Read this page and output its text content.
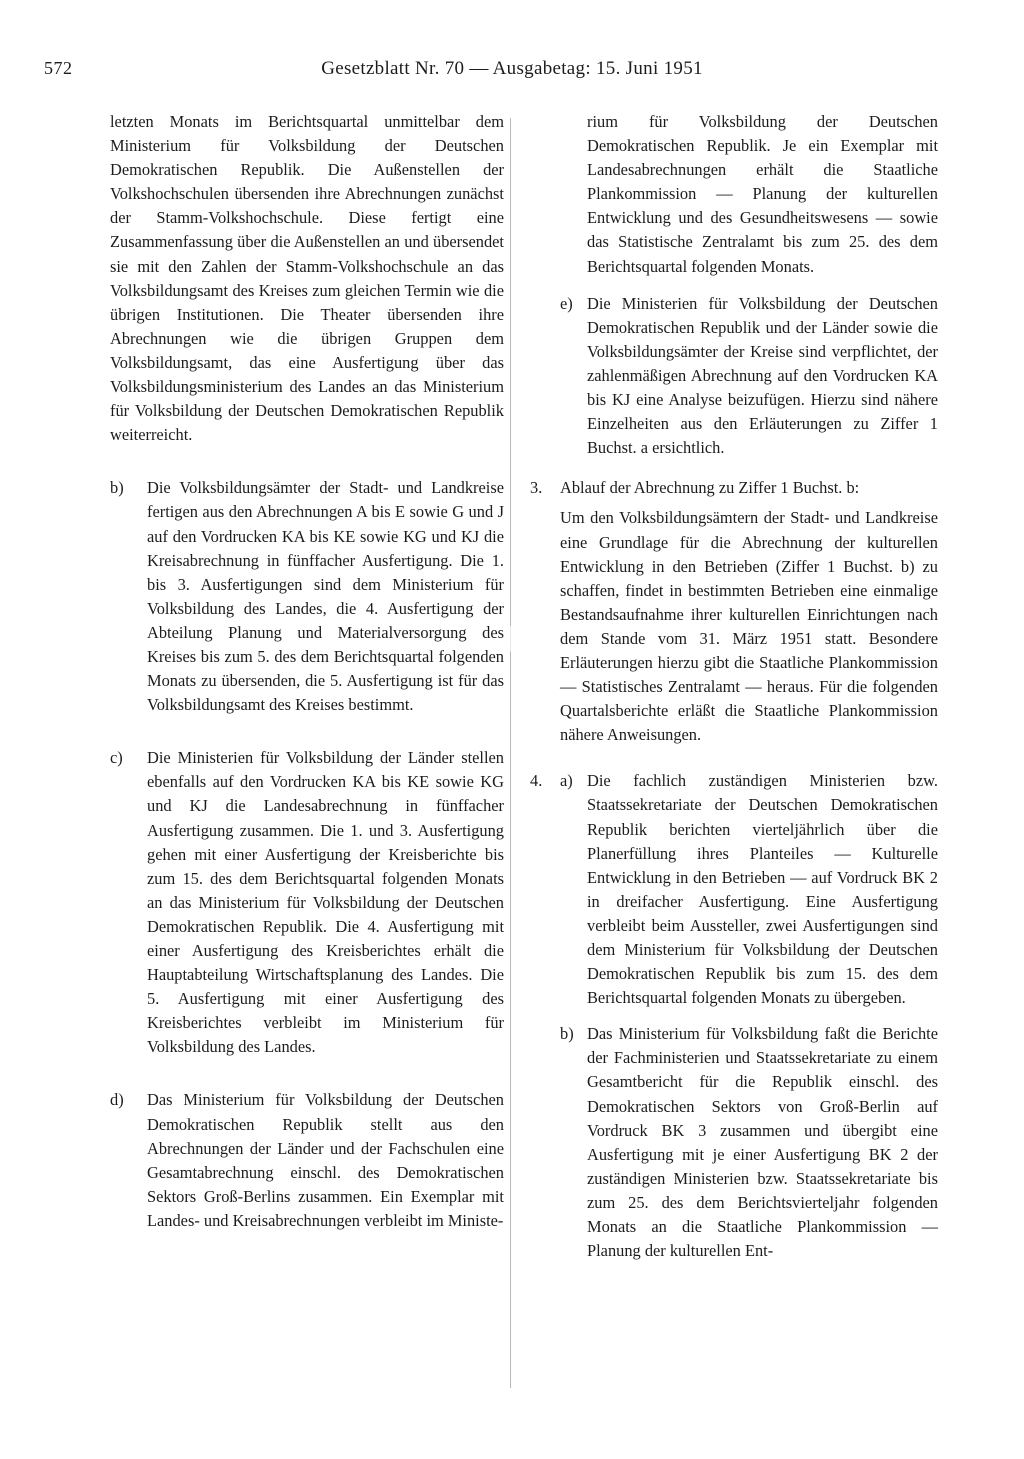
572	Gesetzblatt Nr. 70 — Ausgabetag: 15. Juni 1951

letzten Monats im Berichtsquartal unmittelbar dem Ministerium für Volksbildung der Deutschen Demokratischen Republik. Die Außenstellen der Volkshochschulen übersenden ihre Abrechnungen zunächst der Stamm-Volkshochschule. Diese fertigt eine Zusammenfassung über die Außenstellen an und übersendet sie mit den Zahlen der Stamm-Volkshochschule an das Volksbildungsamt des Kreises zum gleichen Termin wie die übrigen Institutionen. Die Theater übersenden ihre Abrechnungen wie die übrigen Gruppen dem Volksbildungsamt, das eine Ausfertigung über das Volksbildungsministerium des Landes an das Ministerium für Volksbildung der Deutschen Demokratischen Republik weiterreicht.

b) Die Volksbildungsämter der Stadt- und Landkreise fertigen aus den Abrechnungen A bis E sowie G und J auf den Vordrucken KA bis KE sowie KG und KJ die Kreisabrechnung in fünffacher Ausfertigung. Die 1. bis 3. Ausfertigungen sind dem Ministerium für Volksbildung des Landes, die 4. Ausfertigung der Abteilung Planung und Materialversorgung des Kreises bis zum 5. des dem Berichtsquartal folgenden Monats zu übersenden, die 5. Ausfertigung ist für das Volksbildungsamt des Kreises bestimmt.

c) Die Ministerien für Volksbildung der Länder stellen ebenfalls auf den Vordrucken KA bis KE sowie KG und KJ die Landesabrechnung in fünffacher Ausfertigung zusammen. Die 1. und 3. Ausfertigung gehen mit einer Ausfertigung der Kreisberichte bis zum 15. des dem Berichtsquartal folgenden Monats an das Ministerium für Volksbildung der Deutschen Demokratischen Republik. Die 4. Ausfertigung mit einer Ausfertigung des Kreisberichtes erhält die Hauptabteilung Wirtschaftsplanung des Landes. Die 5. Ausfertigung mit einer Ausfertigung des Kreisberichtes verbleibt im Ministerium für Volksbildung des Landes.

d) Das Ministerium für Volksbildung der Deutschen Demokratischen Republik stellt aus den Abrechnungen der Länder und der Fachschulen eine Gesamtabrechnung einschl. des Demokratischen Sektors Groß-Berlins zusammen. Ein Exemplar mit Landes- und Kreisabrechnungen verbleibt im Ministe-

rium für Volksbildung der Deutschen Demokratischen Republik. Je ein Exemplar mit Landesabrechnungen erhält die Staatliche Plankommission — Planung der kulturellen Entwicklung und des Gesundheitswesens — sowie das Statistische Zentralamt bis zum 25. des dem Berichtsquartal folgenden Monats.

e) Die Ministerien für Volksbildung der Deutschen Demokratischen Republik und der Länder sowie die Volksbildungsämter der Kreise sind verpflichtet, der zahlenmäßigen Abrechnung auf den Vordrucken KA bis KJ eine Analyse beizufügen. Hierzu sind nähere Einzelheiten aus den Erläuterungen zu Ziffer 1 Buchst. a ersichtlich.

3. Ablauf der Abrechnung zu Ziffer 1 Buchst. b:

Um den Volksbildungsämtern der Stadt- und Landkreise eine Grundlage für die Abrechnung der kulturellen Entwicklung in den Betrieben (Ziffer 1 Buchst. b) zu schaffen, findet in bestimmten Betrieben eine einmalige Bestandsaufnahme ihrer kulturellen Einrichtungen nach dem Stande vom 31. März 1951 statt. Besondere Erläuterungen hierzu gibt die Staatliche Plankommission — Statistisches Zentralamt — heraus. Für die folgenden Quartalsberichte erläßt die Staatliche Plankommission nähere Anweisungen.

4. a) Die fachlich zuständigen Ministerien bzw. Staatssekretariate der Deutschen Demokratischen Republik berichten vierteljährlich über die Planerfüllung ihres Planteiles — Kulturelle Entwicklung in den Betrieben — auf Vordruck BK 2 in dreifacher Ausfertigung. Eine Ausfertigung verbleibt beim Aussteller, zwei Ausfertigungen sind dem Ministerium für Volksbildung der Deutschen Demokratischen Republik bis zum 15. des dem Berichtsquartal folgenden Monats zu übergeben.

b) Das Ministerium für Volksbildung faßt die Berichte der Fachministerien und Staatssekretariate zu einem Gesamtbericht für die Republik einschl. des Demokratischen Sektors von Groß-Berlin auf Vordruck BK 3 zusammen und übergibt eine Ausfertigung mit je einer Ausfertigung BK 2 der zuständigen Ministerien bzw. Staatssekretariate bis zum 25. des dem Berichtsvierteljahr folgenden Monats an die Staatliche Plankommission — Planung der kulturellen Ent-
